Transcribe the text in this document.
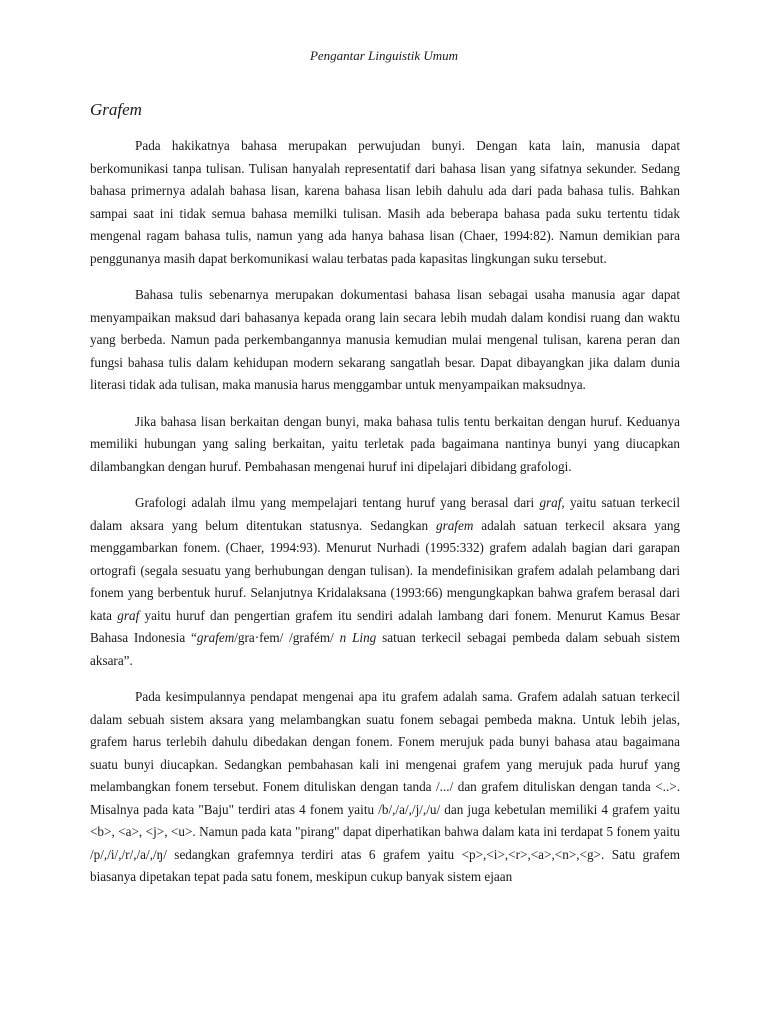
Pengantar Linguistik Umum
Grafem

Pada hakikatnya bahasa merupakan perwujudan bunyi. Dengan kata lain, manusia dapat berkomunikasi tanpa tulisan. Tulisan hanyalah representatif dari bahasa lisan yang sifatnya sekunder. Sedang bahasa primernya adalah bahasa lisan, karena bahasa lisan lebih dahulu ada dari pada bahasa tulis. Bahkan sampai saat ini tidak semua bahasa memilki tulisan. Masih ada beberapa bahasa pada suku tertentu tidak mengenal ragam bahasa tulis, namun yang ada hanya bahasa lisan (Chaer, 1994:82). Namun demikian para penggunanya masih dapat berkomunikasi walau terbatas pada kapasitas lingkungan suku tersebut.

Bahasa tulis sebenarnya merupakan dokumentasi bahasa lisan sebagai usaha manusia agar dapat menyampaikan maksud dari bahasanya kepada orang lain secara lebih mudah dalam kondisi ruang dan waktu yang berbeda. Namun pada perkembangannya manusia kemudian mulai mengenal tulisan, karena peran dan fungsi bahasa tulis dalam kehidupan modern sekarang sangatlah besar. Dapat dibayangkan jika dalam dunia literasi tidak ada tulisan, maka manusia harus menggambar untuk menyampaikan maksudnya.

Jika bahasa lisan berkaitan dengan bunyi, maka bahasa tulis tentu berkaitan dengan huruf. Keduanya memiliki hubungan yang saling berkaitan, yaitu terletak pada bagaimana nantinya bunyi yang diucapkan dilambangkan dengan huruf. Pembahasan mengenai huruf ini dipelajari dibidang grafologi.

Grafologi adalah ilmu yang mempelajari tentang huruf yang berasal dari graf, yaitu satuan terkecil dalam aksara yang belum ditentukan statusnya. Sedangkan grafem adalah satuan terkecil aksara yang menggambarkan fonem. (Chaer, 1994:93). Menurut Nurhadi (1995:332) grafem adalah bagian dari garapan ortografi (segala sesuatu yang berhubungan dengan tulisan). Ia mendefinisikan grafem adalah pelambang dari fonem yang berbentuk huruf. Selanjutnya Kridalaksana (1993:66) mengungkapkan bahwa grafem berasal dari kata graf yaitu huruf dan pengertian grafem itu sendiri adalah lambang dari fonem. Menurut Kamus Besar Bahasa Indonesia “grafem/gra·fem/ /grafém/ n Ling satuan terkecil sebagai pembeda dalam sebuah sistem aksara”.

Pada kesimpulannya pendapat mengenai apa itu grafem adalah sama. Grafem adalah satuan terkecil dalam sebuah sistem aksara yang melambangkan suatu fonem sebagai pembeda makna. Untuk lebih jelas, grafem harus terlebih dahulu dibedakan dengan fonem. Fonem merujuk pada bunyi bahasa atau bagaimana suatu bunyi diucapkan. Sedangkan pembahasan kali ini mengenai grafem yang merujuk pada huruf yang melambangkan fonem tersebut. Fonem dituliskan dengan tanda /.../ dan grafem dituliskan dengan tanda <..>. Misalnya pada kata "Baju" terdiri atas 4 fonem yaitu /b/,/a/,/j/,/u/ dan juga kebetulan memiliki 4 grafem yaitu <b>, <a>, <j>, <u>. Namun pada kata "pirang" dapat diperhatikan bahwa dalam kata ini terdapat 5 fonem yaitu /p/,/i/,/r/,/a/,/ŋ/ sedangkan grafemnya terdiri atas 6 grafem yaitu <p>,<i>,<r>,<a>,<n>,<g>. Satu grafem biasanya dipetakan tepat pada satu fonem, meskipun cukup banyak sistem ejaan
